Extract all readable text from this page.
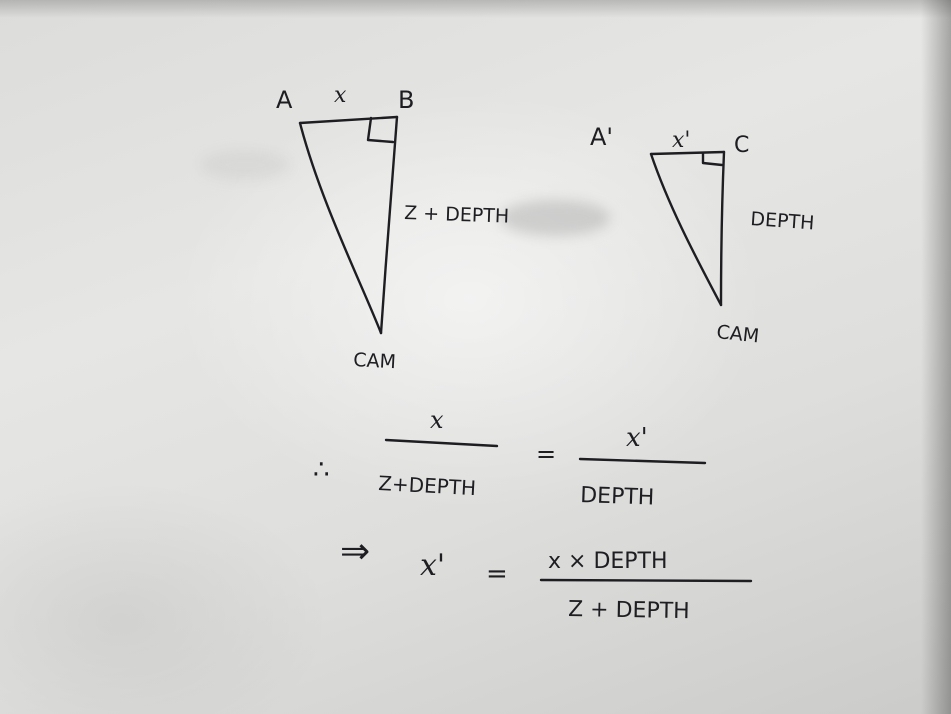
A x B
Z + DEPTH
CAM
A'	x' C
DEPTH
CAM
∴
x
Z+DEPTH
=
x'
DEPTH
⇒ x' = x × DEPTH
Z + DEPTH
